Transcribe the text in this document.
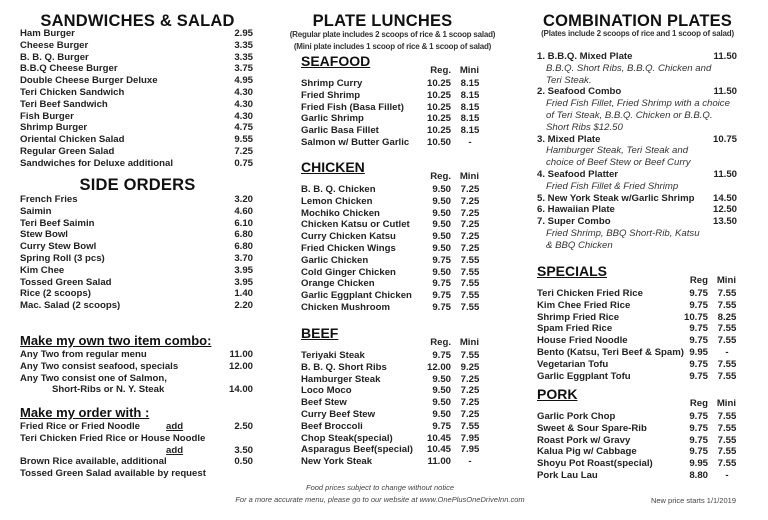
SANDWICHES & SALAD
Ham Burger	2.95
Cheese Burger	3.35
B. B. Q. Burger	3.35
B.B.Q Cheese Burger	3.75
Double Cheese Burger Deluxe	4.95
Teri Chicken Sandwich	4.30
Teri Beef Sandwich	4.30
Fish Burger	4.30
Shrimp Burger	4.75
Oriental Chicken Salad	9.55
Regular Green Salad	7.25
Sandwiches for Deluxe additional	0.75
SIDE ORDERS
French Fries	3.20
Saimin	4.60
Teri Beef Saimin	6.10
Stew Bowl	6.80
Curry Stew Bowl	6.80
Spring Roll (3 pcs)	3.70
Kim Chee	3.95
Tossed Green Salad	3.95
Rice (2 scoops)	1.40
Mac. Salad (2 scoops)	2.20
Make my own two item combo:
Any Two from regular menu	11.00
Any Two consist seafood, specials	12.00
Any Two consist one of Salmon,
Short-Ribs or N. Y. Steak	14.00
Make my order with :
Fried Rice or Fried Noodle	add	2.50
Teri Chicken Fried Rice or House Noodle
add	3.50
Brown Rice available, additional	0.50
Tossed Green Salad available by request
PLATE LUNCHES
(Regular plate includes 2 scoops of rice & 1 scoop salad)
(Mini plate includes 1 scoop of rice & 1 scoop of salad)
SEAFOOD
Reg. Mini
Shrimp Curry	10.25 8.15
Fried Shrimp	10.25 8.15
Fried Fish (Basa Fillet) 10.25 8.15
Garlic Shrimp	10.25 8.15
Garlic Basa Fillet	10.25 8.15
Salmon w/ Butter Garlic 10.50	-
CHICKEN
Reg. Mini
B. B. Q. Chicken	9.50 7.25
Lemon Chicken	9.50 7.25
Mochiko Chicken	9.50 7.25
Chicken Katsu or Cutlet 9.50 7.25
Curry Chicken Katsu	9.50 7.25
Fried Chicken Wings	9.50 7.25
Garlic Chicken	9.75 7.55
Cold Ginger Chicken	9.50 7.55
Orange Chicken	9.75 7.55
Garlic Eggplant Chicken 9.75 7.55
Chicken Mushroom	9.75 7.55
BEEF
Reg. Mini
Teriyaki Steak	9.75 7.55
B. B. Q. Short Ribs	12.00 9.25
Hamburger Steak	9.50 7.25
Loco Moco	9.50 7.25
Beef Stew	9.50 7.25
Curry Beef Stew	9.50 7.25
Beef Broccoli	9.75 7.55
Chop Steak(special)	10.45 7.95
Asparagus Beef(special) 10.45 7.95
New York Steak	11.00	-
Food prices subject to change without notice
For a more accurate menu, please go to our website at www.OnePlusOneDriveInn.com
COMBINATION PLATES
(Plates include 2 scoops of rice and 1 scoop of salad)
1. B.B.Q. Mixed Plate	11.50
B.B.Q. Short Ribs, B.B.Q. Chicken and
Teri Steak.
2. Seafood Combo	11.50
Fried Fish Fillet, Fried Shrimp with a choice
of Teri Steak, B.B.Q. Chicken or B.B.Q.
Short Ribs $12.50
3. Mixed Plate	10.75
Hamburger Steak, Teri Steak and
choice of Beef Stew or Beef Curry
4. Seafood Platter	11.50
Fried Fish Fillet & Fried Shrimp
5. New York Steak w/Garlic Shrimp 14.50
6. Hawaiian Plate	12.50
7. Super Combo	13.50
Fried Shrimp, BBQ Short-Rib, Katsu
& BBQ Chicken
SPECIALS
Reg Mini
Teri Chicken Fried Rice	9.75 7.55
Kim Chee Fried Rice	9.75 7.55
Shrimp Fried Rice	10.75 8.25
Spam Fried Rice	9.75 7.55
House Fried Noodle	9.75 7.55
Bento (Katsu, Teri Beef & Spam) 9.95	-
Vegetarian Tofu	9.75 7.55
Garlic Eggplant Tofu	9.75 7.55
PORK
Reg Mini
Garlic Pork Chop	9.75 7.55
Sweet & Sour Spare-Rib	9.75 7.55
Roast Pork w/ Gravy	9.75 7.55
Kalua Pig w/ Cabbage	9.75 7.55
Shoyu Pot Roast(special)	9.95 7.55
Pork Lau Lau	8.80	-
New price starts 1/1/2019
